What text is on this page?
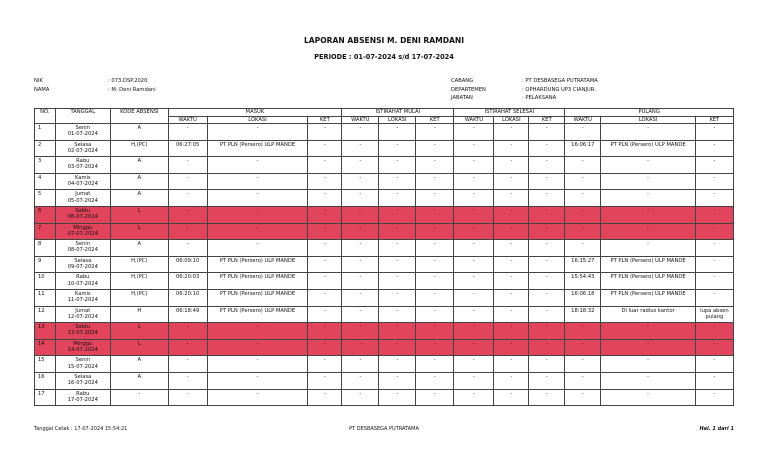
LAPORAN ABSENSI M. DENI RAMDANI
PERIODE : 01-07-2024 s/d 17-07-2024
NIK	: 073.DSP.2020
NAMA	: M. Deni Ramdani
CABANG	: PT DESBASEGA PUTRATAMA
DEPARTEMEN	: OPHARDUNG UP3 CIANJUR
JABATAN	: PELAKSANA
NO.	TANGGAL	KODE ABSENSI	MASUK			ISTIRAHAT MULAI			ISTIRAHAT SELESAI			PULANG		
			WAKTU	LOKASI	KET	WAKTU	LOKASI	KET	WAKTU	LOKASI	KET	WAKTU	LOKASI	KET
1	Senin
01-07-2024	A	-	-	-	-	-	-	-	-	-	-	-	-
2	Selasa
02-07-2024	H,(PC)	06:27:05	PT PLN (Persero) ULP MANDE	-	-	-	-	-	-	-	16:06:17	PT PLN (Persero) ULP MANDE	-
3	Rabu
03-07-2024	A	-	-	-	-	-	-	-	-	-	-	-	-
4	Kamis
04-07-2024	A	-	-	-	-	-	-	-	-	-	-	-	-
5	Jumat
05-07-2024	A	-	-	-	-	-	-	-	-	-	-	-	-
6	Sabtu
06-07-2024	L	-	-	-	-	-	-	-	-	-	-	-	-
7	Minggu
07-07-2024	L	-	-	-	-	-	-	-	-	-	-	-	-
8	Senin
08-07-2024	A	-	-	-	-	-	-	-	-	-	-	-	-
9	Selasa
09-07-2024	H,(PC)	06:09:10	PT PLN (Persero) ULP MANDE	-	-	-	-	-	-	-	16:15:27	PT PLN (Persero) ULP MANDE	-
10	Rabu
10-07-2024	H,(PC)	06:20:03	PT PLN (Persero) ULP MANDE	-	-	-	-	-	-	-	15:54:43	PT PLN (Persero) ULP MANDE	-
11	Kamis
11-07-2024	H,(PC)	06:20:10	PT PLN (Persero) ULP MANDE	-	-	-	-	-	-	-	16:06:18	PT PLN (Persero) ULP MANDE	-
12	Jumat
12-07-2024	H	06:18:49	PT PLN (Persero) ULP MANDE	-	-	-	-	-	-	-	18:18:32	Di luar radius kantor	lupa absen pulang
13	Sabtu
13-07-2024	L	-	-	-	-	-	-	-	-	-	-	-	-
14	Minggu
14-07-2024	L	-	-	-	-	-	-	-	-	-	-	-	-
15	Senin
15-07-2024	A	-	-	-	-	-	-	-	-	-	-	-	-
16	Selasa
16-07-2024	A	-	-	-	-	-	-	-	-	-	-	-	-
17	Rabu
17-07-2024	-	-	-	-	-	-	-	-	-	-	-	-	-
Tanggal Cetak : 17-07-2024 15:54:21	PT DESBASEGA PUTRATAMA	Hal. 1 dari 1
